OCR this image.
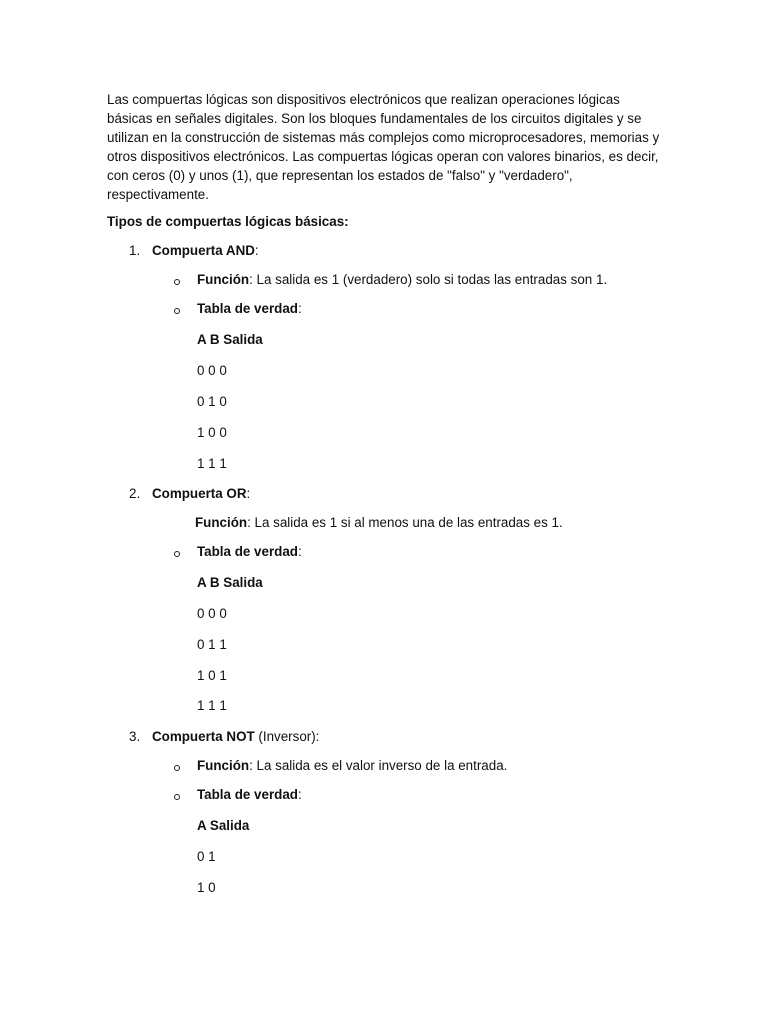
Las compuertas lógicas son dispositivos electrónicos que realizan operaciones lógicas básicas en señales digitales. Son los bloques fundamentales de los circuitos digitales y se utilizan en la construcción de sistemas más complejos como microprocesadores, memorias y otros dispositivos electrónicos. Las compuertas lógicas operan con valores binarios, es decir, con ceros (0) y unos (1), que representan los estados de "falso" y "verdadero", respectivamente.

Tipos de compuertas lógicas básicas:

1. Compuerta AND:
Función: La salida es 1 (verdadero) solo si todas las entradas son 1.
Tabla de verdad:
A B Salida
0 0 0
0 1 0
1 0 0
1 1 1
2. Compuerta OR:
Función: La salida es 1 si al menos una de las entradas es 1.
Tabla de verdad:
A B Salida
0 0 0
0 1 1
1 0 1
1 1 1
3. Compuerta NOT (Inversor):
Función: La salida es el valor inverso de la entrada.
Tabla de verdad:
A Salida
0 1
1 0
